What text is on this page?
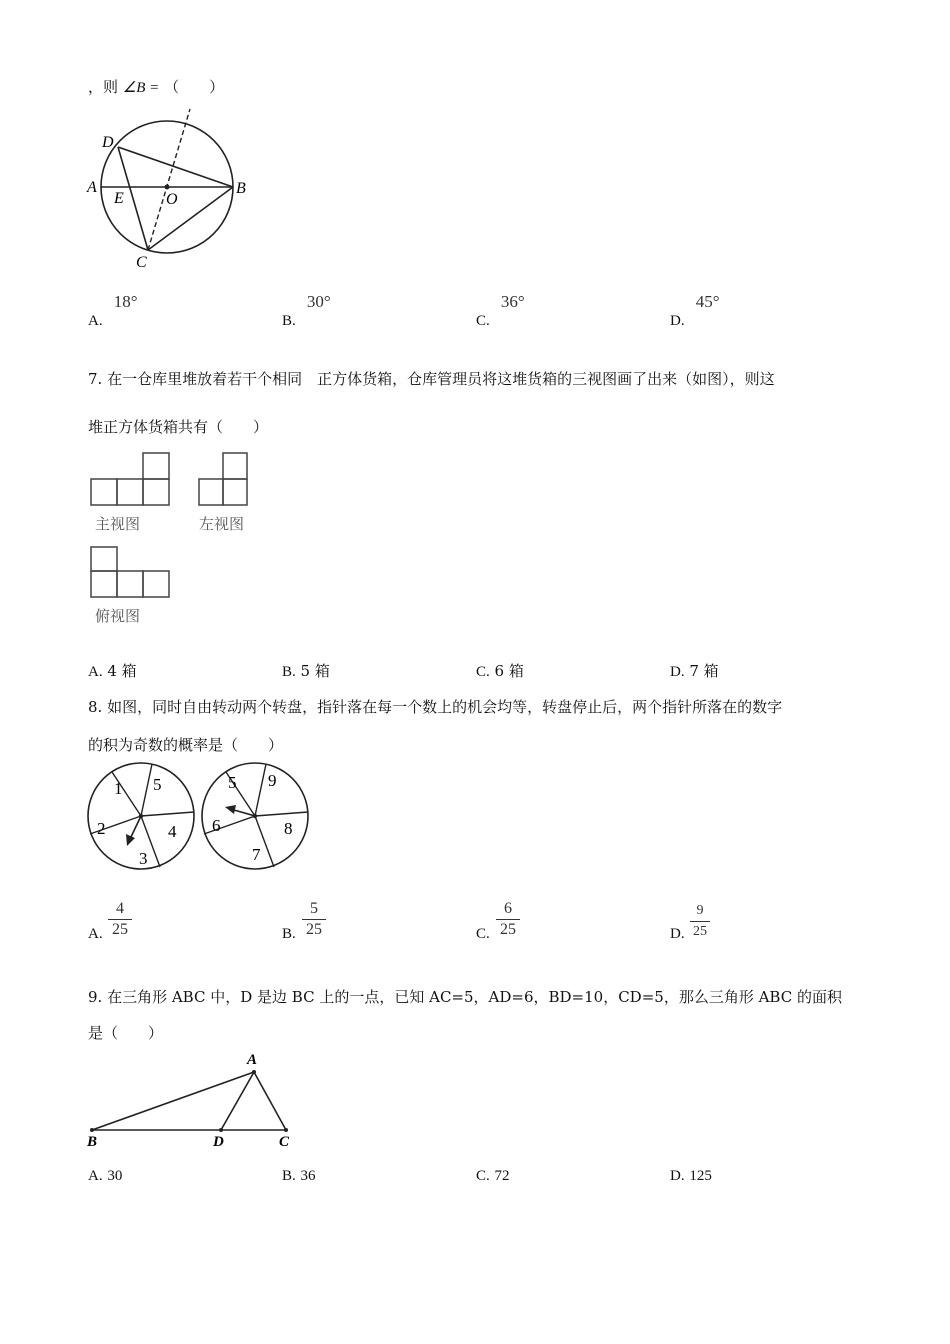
，则 ∠B = （　　）
D
A
E	O
B
C
A. 18°
B. 30°
C. 36°
D. 45°
7. 在一仓库里堆放着若干个相同　正方体货箱，仓库管理员将这堆货箱的三视图画了出来（如图），则这
堆正方体货箱共有（　　）
主视图	左视图
俯视图
A. 4 箱	B. 5 箱	C. 6 箱	D. 7 箱
8. 如图，同时自由转动两个转盘，指针落在每一个数上的机会均等，转盘停止后，两个指针所落在的数字
的积为奇数的概率是（　　）
1 5
4
3
2
5 9
8
7
6
A.
4
25	B.
5
25	C.
6
25	D.
9
25
9. 在三角形 ABC 中，D 是边 BC 上的一点，已知 AC=5，AD=6，BD=10，CD=5，那么三角形 ABC 的面积
是（　　）
A
B	D	C
A. 30	B. 36	C. 72	D. 125
